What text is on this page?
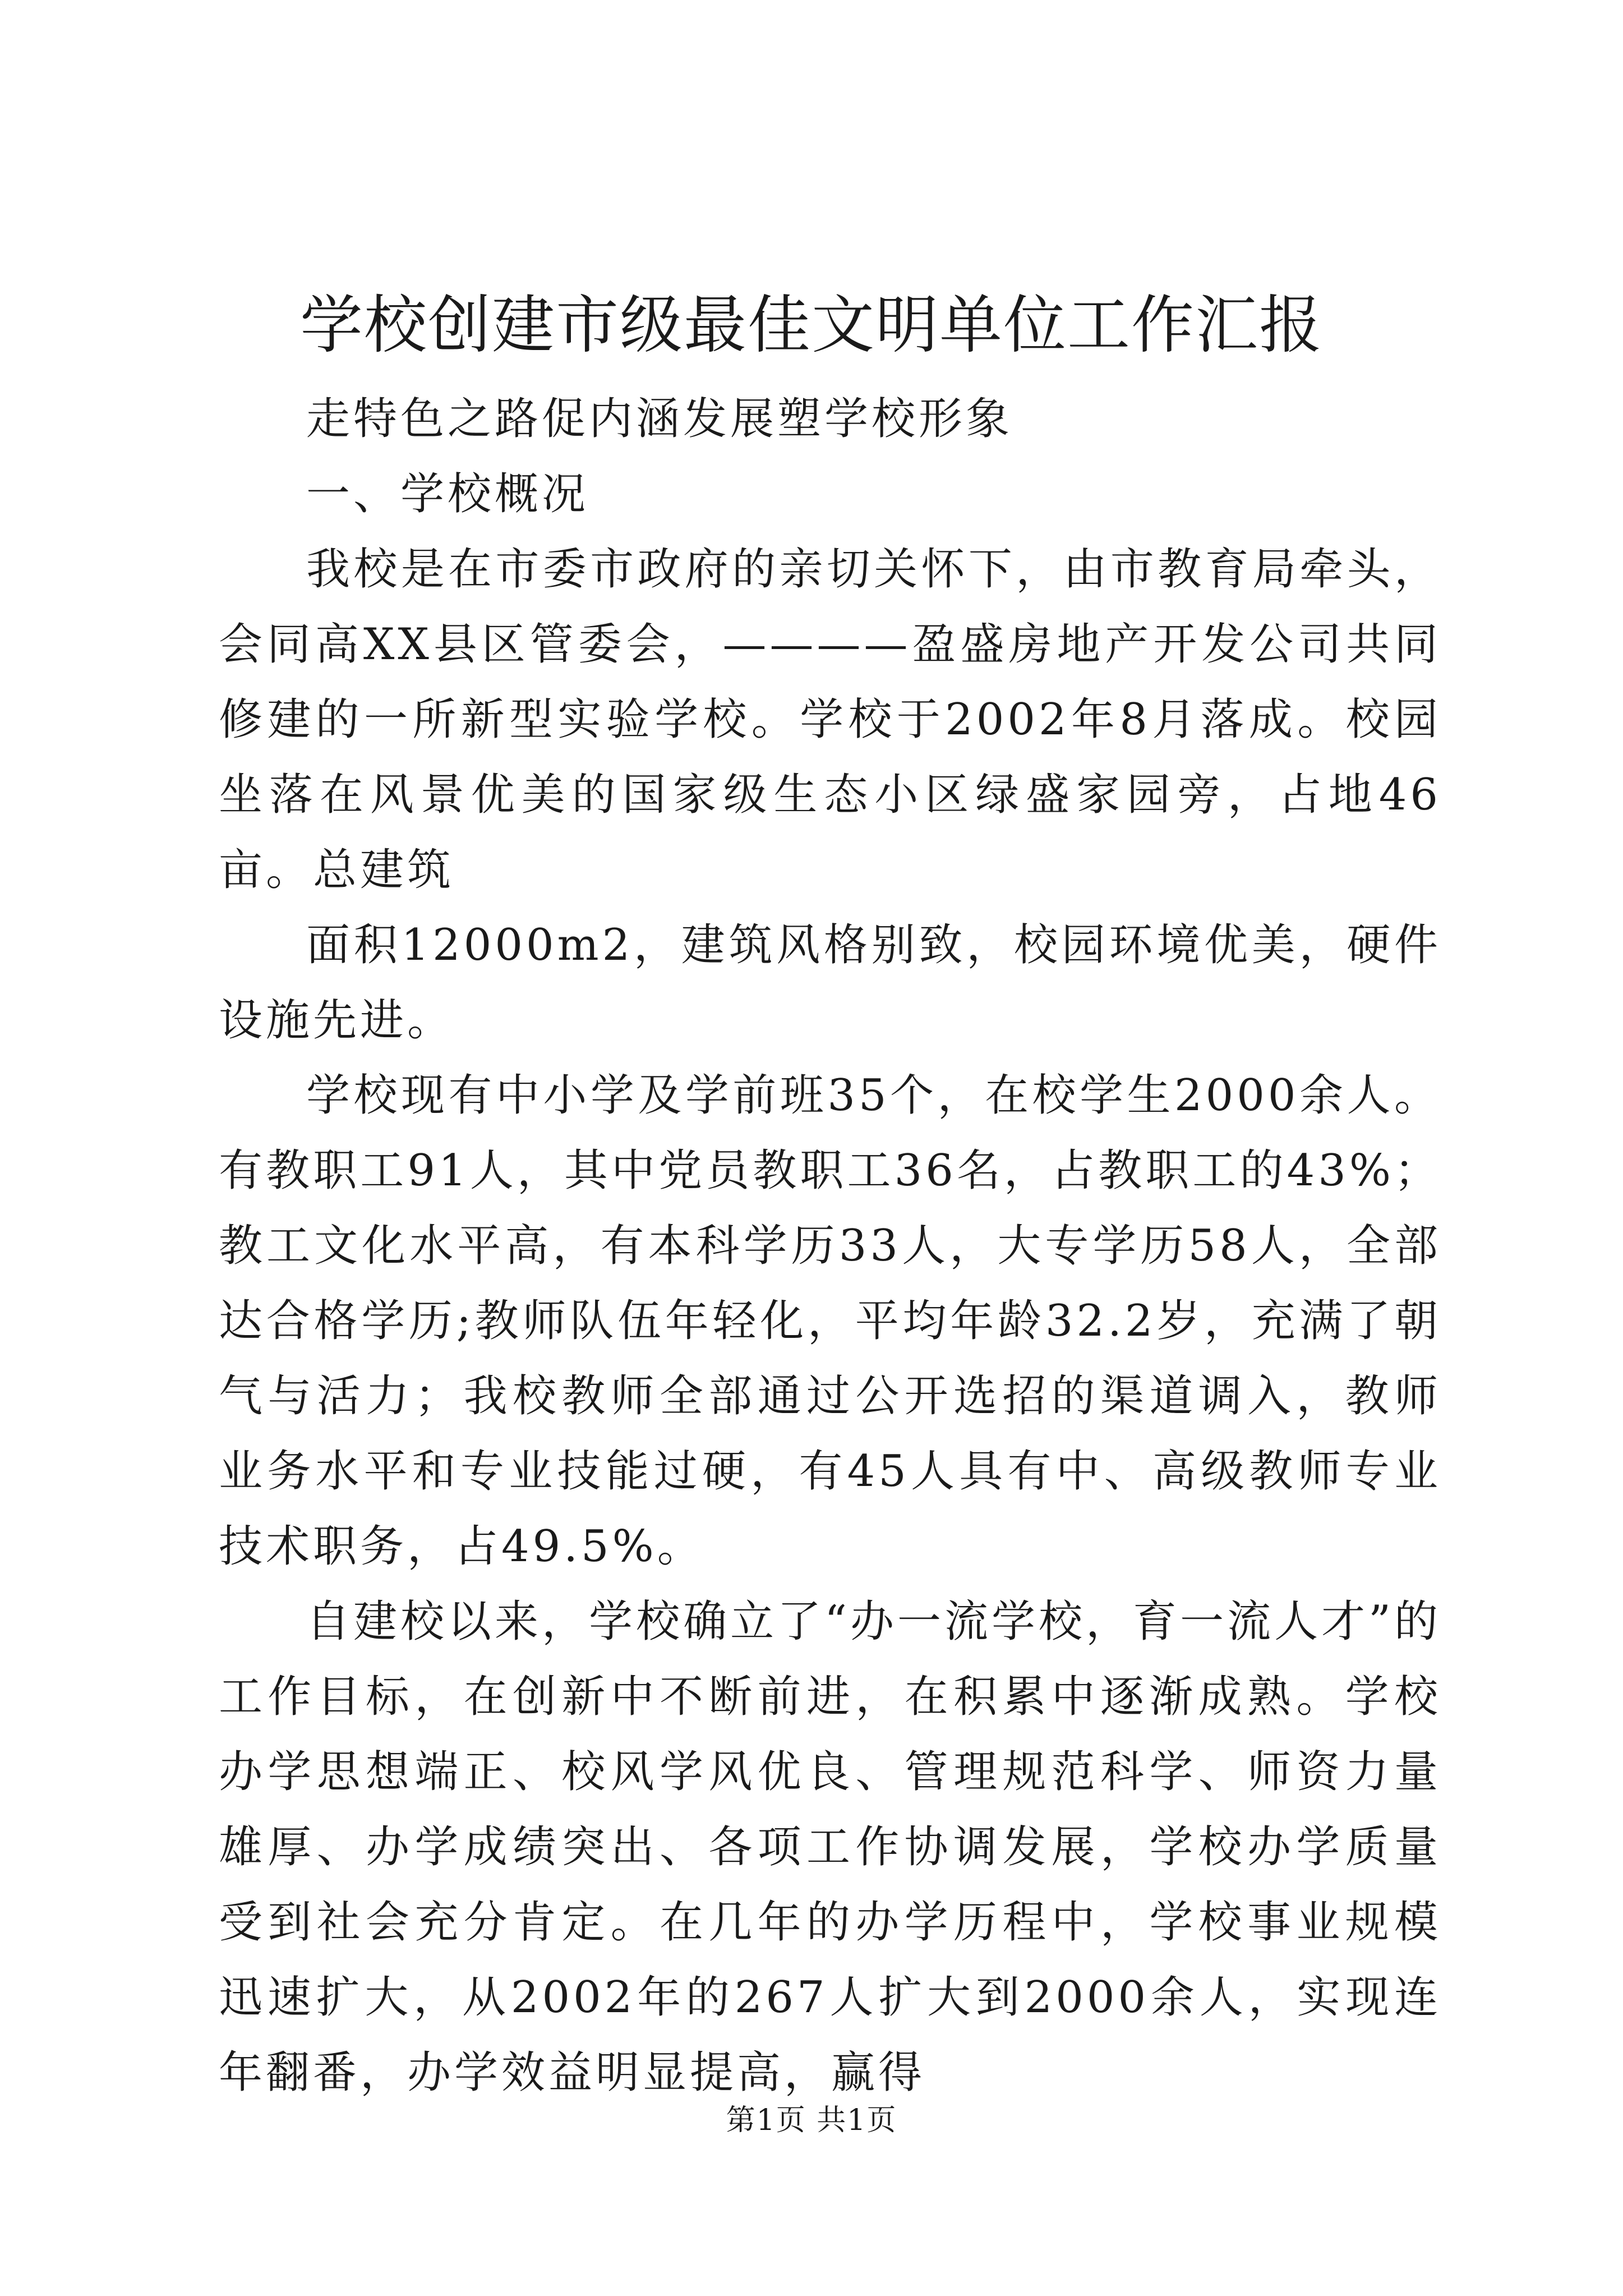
学校创建市级最佳文明单位工作汇报

走特色之路促内涵发展塑学校形象

一、学校概况

我校是在市委市政府的亲切关怀下，由市教育局牵头，会同高XX县区管委会，————盈盛房地产开发公司共同修建的一所新型实验学校。学校于2002年8月落成。校园坐落在风景优美的国家级生态小区绿盛家园旁，占地46亩。总建筑

面积12000m2，建筑风格别致，校园环境优美，硬件设施先进。

学校现有中小学及学前班35个，在校学生2000余人。有教职工91人，其中党员教职工36名，占教职工的43%；教工文化水平高，有本科学历33人，大专学历58人，全部达合格学历;教师队伍年轻化，平均年龄32.2岁，充满了朝气与活力；我校教师全部通过公开选招的渠道调入，教师业务水平和专业技能过硬，有45人具有中、高级教师专业技术职务，占49.5%。

自建校以来，学校确立了“办一流学校，育一流人才”的工作目标，在创新中不断前进，在积累中逐渐成熟。学校办学思想端正、校风学风优良、管理规范科学、师资力量雄厚、办学成绩突出、各项工作协调发展，学校办学质量受到社会充分肯定。在几年的办学历程中，学校事业规模迅速扩大，从2002年的267人扩大到2000余人，实现连年翻番，办学效益明显提高，赢得

第1页 共1页
